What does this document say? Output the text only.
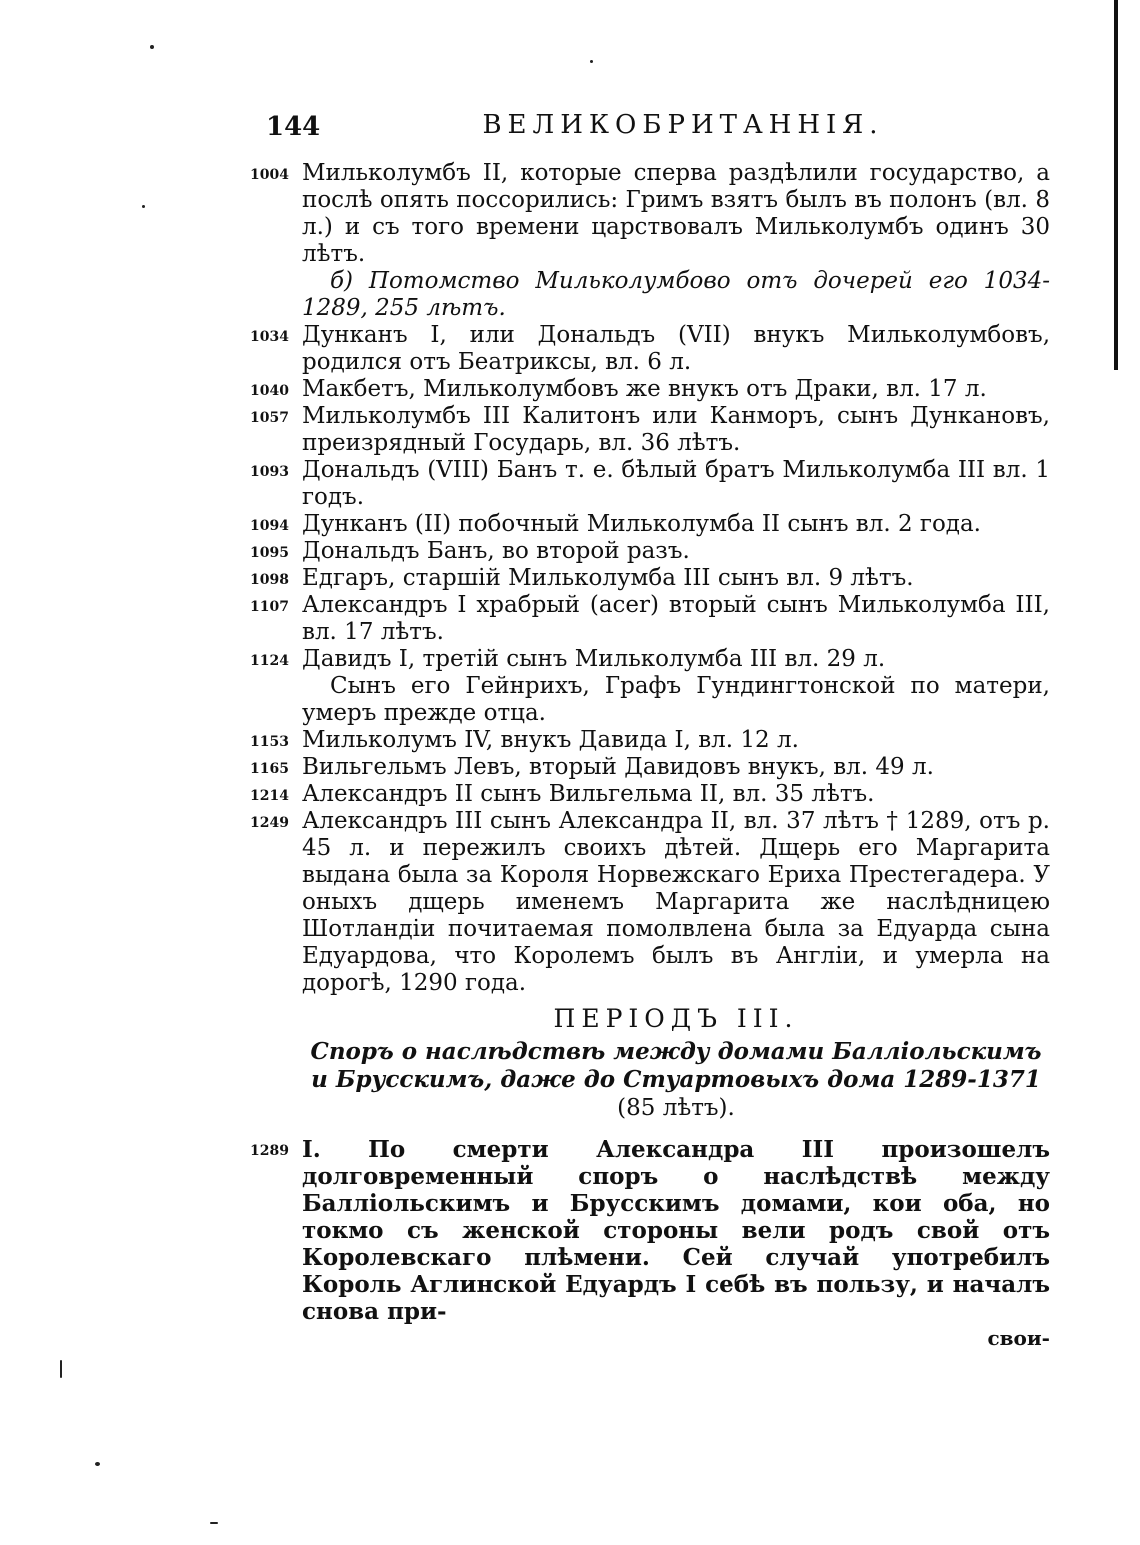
144	ВЕЛИКОБРИТАННІЯ.
1004 Мильколумбъ II, которые сперва раздѣлили государство, а послѣ опять поссорились: Гримъ взятъ былъ въ полонъ (вл. 8 л.) и съ того времени царствовалъ Мильколумбъ одинъ 30 лѣтъ.
б) Потомство Мильколумбово отъ дочерей его 1034-1289, 255 лѣтъ.
1034 Дунканъ I, или Дональдъ (VII) внукъ Мильколумбовъ, родился отъ Беатриксы, вл. 6 л.
1040 Макбетъ, Мильколумбовъ же внукъ отъ Драки, вл. 17 л.
1057 Мильколумбъ III Калитонъ или Канморъ, сынъ Дункановъ, преизрядный Государь, вл. 36 лѣтъ.
1093 Дональдъ (VIII) Банъ т. е. бѣлый братъ Мильколумба III вл. 1 годъ.
1094 Дунканъ (II) побочный Мильколумба II сынъ вл. 2 года.
1095 Дональдъ Банъ, во второй разъ.
1098 Едгаръ, старшій Мильколумба III сынъ вл. 9 лѣтъ.
1107 Александръ I храбрый (acer) вторый сынъ Мильколумба III, вл. 17 лѣтъ.
1124 Давидъ I, третій сынъ Мильколумба III вл. 29 л.
Сынъ его Гейнрихъ, Графъ Гундингтонской по матери, умеръ прежде отца.
1153 Мильколумъ IV, внукъ Давида I, вл. 12 л.
1165 Вильгельмъ Левъ, вторый Давидовъ внукъ, вл. 49 л.
1214 Александръ II сынъ Вильгельма II, вл. 35 лѣтъ.
1249 Александръ III сынъ Александра II, вл. 37 лѣтъ † 1289, отъ р. 45 л. и пережилъ своихъ дѣтей. Дщерь его Маргарита выдана была за Короля Норвежскаго Ериха Престегадера. У оныхъ дщерь именемъ Маргарита же наслѣдницею Шотландіи почитаемая помолвлена была за Едуарда сына Едуардова, что Королемъ былъ въ Англіи, и умерла на дорогѣ, 1290 года.
ПЕРІОДЪ III.
Споръ о наслѣдствѣ между домами Балліольскимъ и Брусскимъ, даже до Стуартовыхъ дома 1289-1371
(85 лѣтъ).
1289 I. По смерти Александра III произошелъ долговременный споръ о наслѣдствѣ между Балліольскимъ и Брусскимъ домами, кои оба, но токмо съ женской стороны вели родъ свой отъ Королевскаго плѣмени. Сей случай употребилъ Король Аглинской Едуардъ I себѣ въ пользу, и началъ снова при-
свои-
